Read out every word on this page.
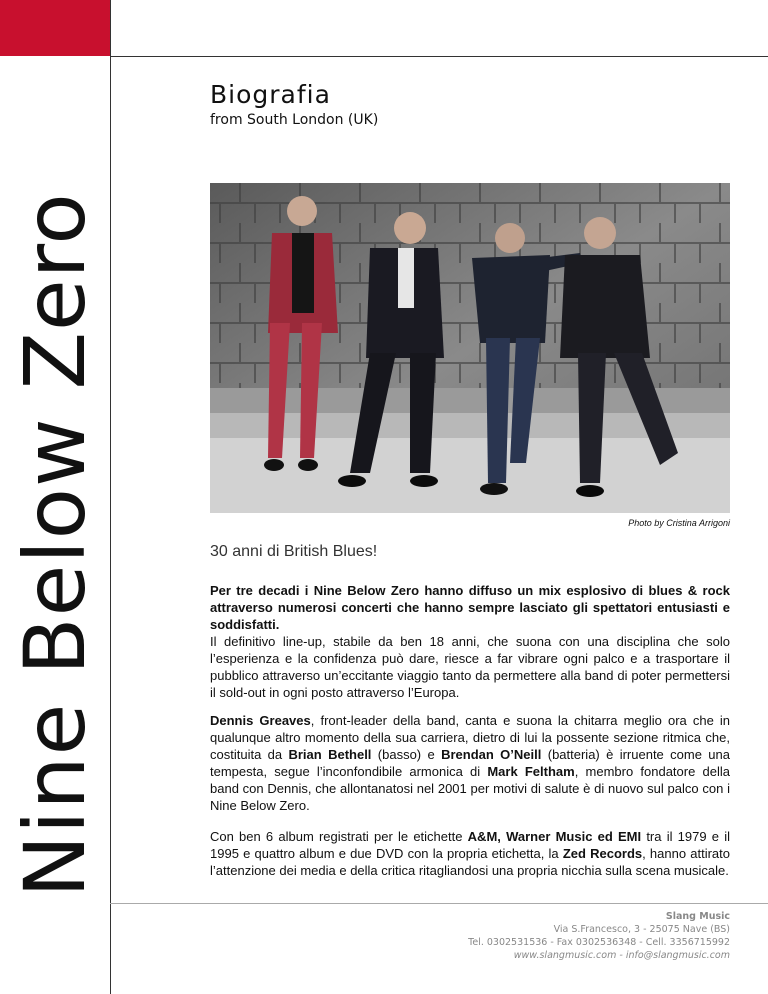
Nine Below Zero
Biografia
from South London (UK)
Photo by Cristina Arrigoni
30 anni di British Blues!

Per tre decadi i Nine Below Zero hanno diffuso un mix esplosivo di blues & rock attraverso numerosi concerti che hanno sempre lasciato gli spettatori entusiasti e soddisfatti.

Il definitivo line-up, stabile da ben 18 anni, che suona con una disciplina che solo l’esperienza e la confidenza può dare, riesce a far vibrare ogni palco e a trasportare il pubblico attraverso un’eccitante viaggio tanto da permettere alla band di poter permettersi il sold-out in ogni posto attraverso l’Europa.

Dennis Greaves, front-leader della band, canta e suona la chitarra meglio ora che in qualunque altro momento della sua carriera, dietro di lui la possente sezione ritmica che, costituita da Brian Bethell (basso) e Brendan O’Neill (batteria) è irruente come una tempesta, segue l’inconfondibile armonica di Mark Feltham, membro fondatore della band con Dennis, che allontanatosi nel 2001 per motivi di salute è di nuovo sul palco con i Nine Below Zero.

Con ben 6 album registrati per le etichette A&M, Warner Music ed EMI tra il 1979 e il 1995 e quattro album e due DVD con la propria etichetta, la Zed Records, hanno attirato l’attenzione dei media e della critica ritagliandosi una propria nicchia sulla scena musicale.

Slang Music
Via S.Francesco, 3 - 25075 Nave (BS)
Tel. 0302531536 - Fax 0302536348 - Cell. 3356715992
www.slangmusic.com - info@slangmusic.com
